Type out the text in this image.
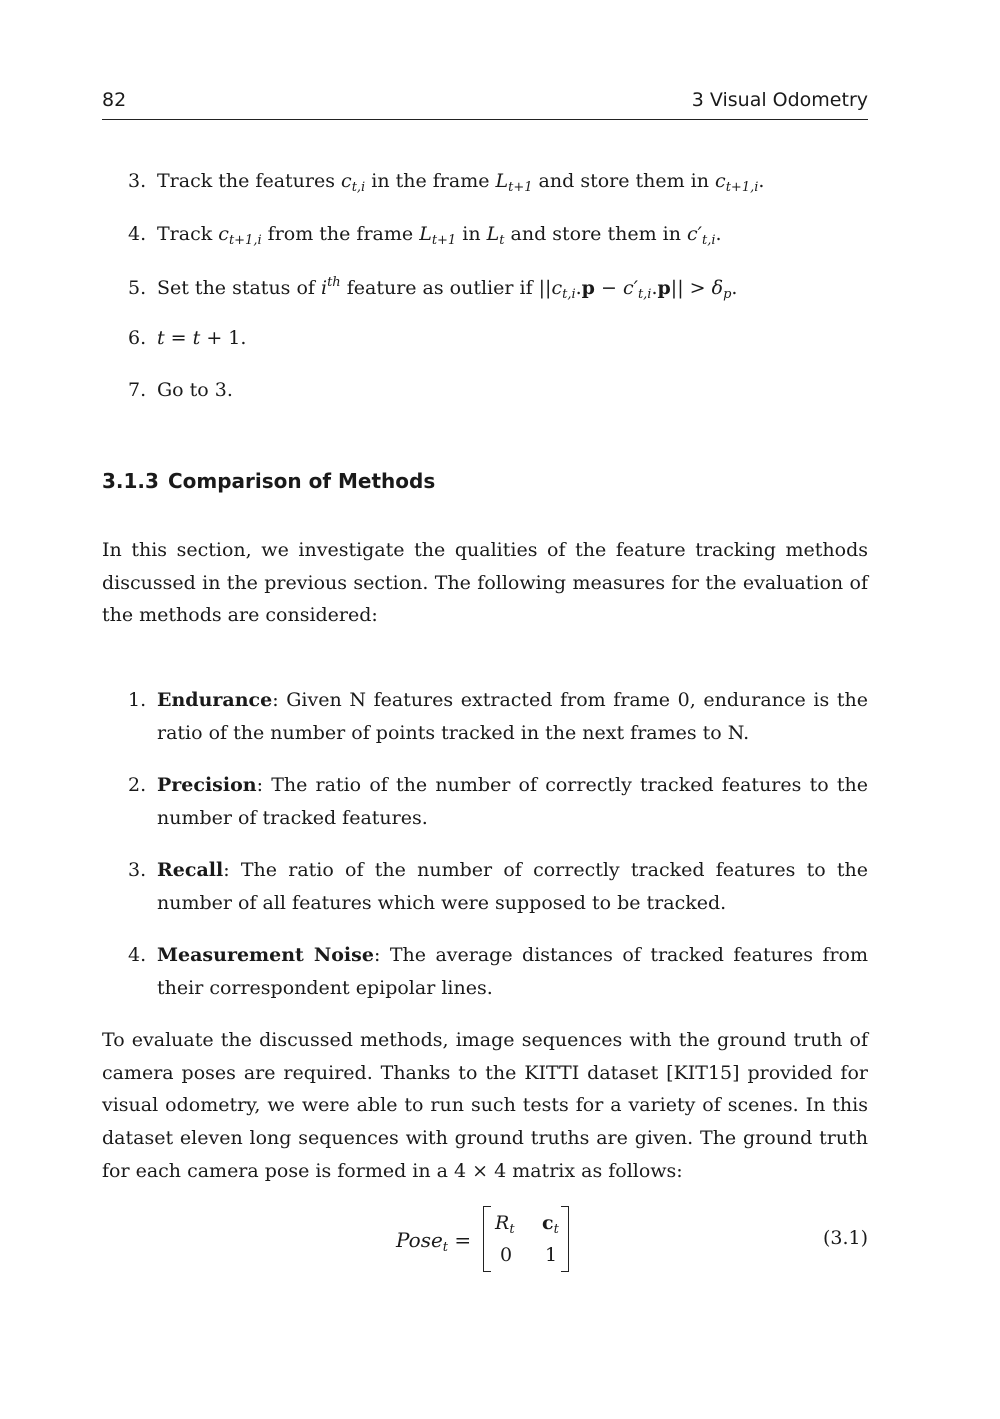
82	3 Visual Odometry
3. Track the features $c_{t,i}$ in the frame $L_{t+1}$ and store them in $c_{t+1,i}$.
4. Track $c_{t+1,i}$ from the frame $L_{t+1}$ in $L_t$ and store them in $c'_{t,i}$.
5. Set the status of $i^{th}$ feature as outlier if $||c_{t,i}.p - c'_{t,i}.p|| > \delta_p$.
6. t = t + 1.
7. Go to 3.
3.1.3 Comparison of Methods
In this section, we investigate the qualities of the feature tracking methods discussed in the previous section. The following measures for the evaluation of the methods are considered:
1. Endurance: Given N features extracted from frame 0, endurance is the ratio of the number of points tracked in the next frames to N.
2. Precision: The ratio of the number of correctly tracked features to the number of tracked features.
3. Recall: The ratio of the number of correctly tracked features to the number of all features which were supposed to be tracked.
4. Measurement Noise: The average distances of tracked features from their correspondent epipolar lines.
To evaluate the discussed methods, image sequences with the ground truth of camera poses are required. Thanks to the KITTI dataset [KIT15] provided for visual odometry, we were able to run such tests for a variety of scenes. In this dataset eleven long sequences with ground truths are given. The ground truth for each camera pose is formed in a 4 × 4 matrix as follows:
Pose$_t$ =
$R_t$ $c_t$
0 1
(3.1)
